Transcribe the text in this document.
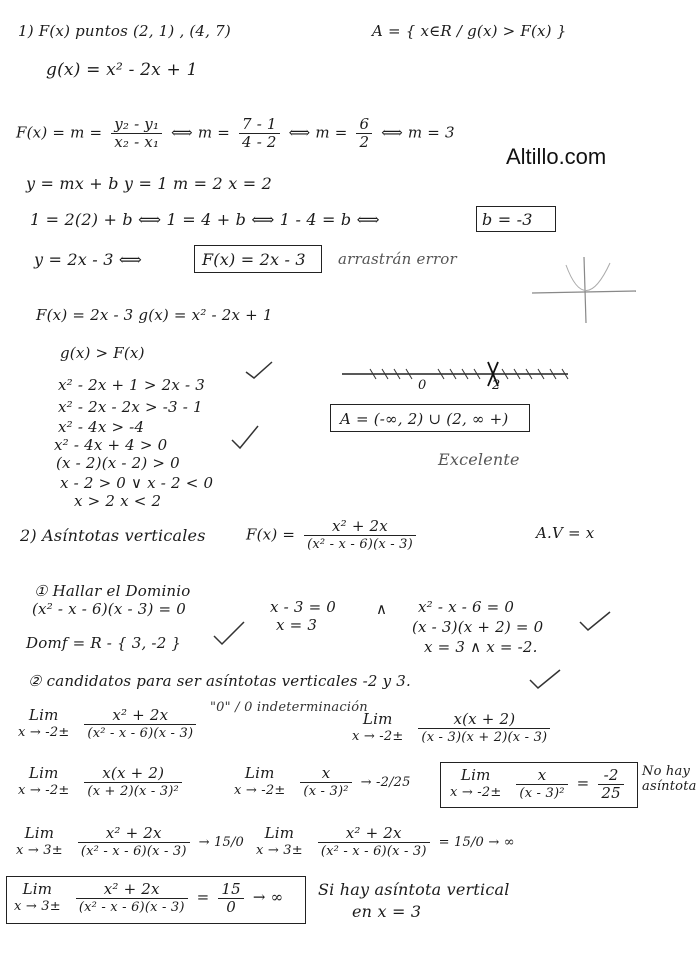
Altillo.com
1) F(x) puntos (2, 1) , (4, 7)	A = { x∈R / g(x) > F(x) }
g(x) = x² - 2x + 1
$F(x) = m = \frac{\text{y₂ - y₁}}{\text{x₂ - x₁}}$ ⟺ $m = \frac{7 - 1}{4 - 2}$ ⟺ $m = \frac{6}{2}$ ⟺ m = 3
y = mx + b y = 1 m = 2 x = 2
1 = 2(2) + b ⟺ 1 = 4 + b ⟺ 1 - 4 = b ⟺	b = -3
y = 2x - 3 ⟺	F(x) = 2x - 3 arrastrán error
F(x) = 2x - 3 g(x) = x² - 2x + 1
g(x) > F(x)
x² - 2x + 1 > 2x - 3
x² - 2x - 2x > -3 - 1
x² - 4x > -4
x² - 4x + 4 > 0
(x - 2)(x - 2) > 0
x - 2 > 0 ∨ x - 2 < 0
x > 2 x < 2
0	2
A = (-∞, 2) ∪ (2, ∞ +)
Excelente
2) Asíntotas verticales	$F(x) = \frac{\text{x² + 2x}}{\text{(x² - x - 6)(x - 3)}}$	A.V = x
① Hallar el Dominio
(x² - x - 6)(x - 3) = 0	x - 3 = 0
x = 3
∧ x² - x - 6 = 0
(x - 3)(x + 2) = 0
x = 3 ∧ x = -2.
Domf = R - { 3, -2 }
② candidatos para ser asíntotas verticales -2 y 3.
Lim
x → -2±
$\frac{\text{x² + 2x}}{\text{(x² - x - 6)(x - 3)}}$ "0" / 0 indeterminación
Lim
x → -2±
$\frac{x(x + 2)}{(x - 3)(x + 2)(x - 3)}$
Lim
x → -2±
$\frac{x(x + 2)}{\text{(x + 2)(x - 3)²}}$	Lim
x → -2±
$\frac{x}{\text{(x - 3)²}} \to -2/25$	Lim
x → -2±
$\frac{x}{\text{(x - 3)²}} = \frac{-2}{25}$ No hay asíntota
Lim
x → 3±
$\frac{\text{x² + 2x}}{\text{(x² - x - 6)(x - 3)}} \to 15/0$
Lim
x → 3±
$\frac{\text{x² + 2x}}{\text{(x² - x - 6)(x - 3)}} = 15/0$ → ∞
Lim
x → 3±
$\frac{\text{x² + 2x}}{\text{(x² - x - 6)(x - 3)}} = \frac{15}{0}$ → ∞ Si hay asíntota vertical
en x = 3
